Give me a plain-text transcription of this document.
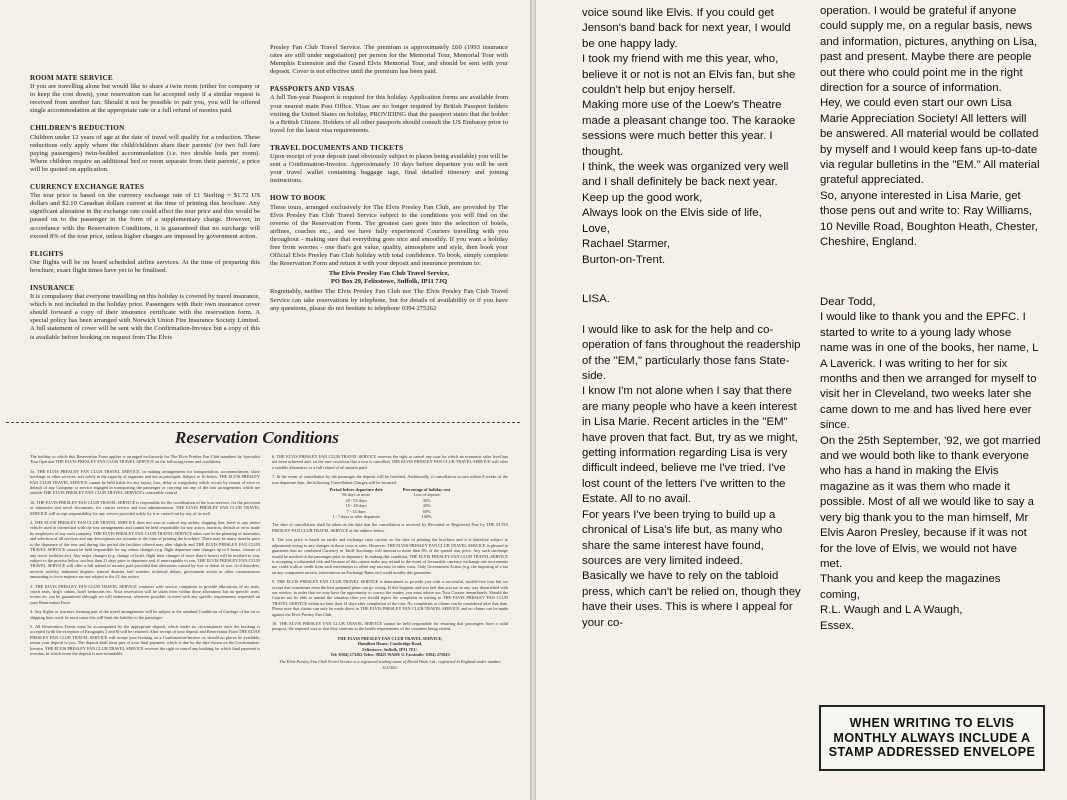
ROOM MATE SERVICE

If you are travelling alone but would like to share a twin room (either for company or to keep the cost down), your reservation can be accepted only if a similar request is received from another fan. Should it not be possible to pair you, you will be offered single accommodation at the appropriate rate or a full refund of monies paid.

CHILDREN'S REDUCTION

Children under 12 years of age at the date of travel will qualify for a reduction. These reductions only apply where the child/children share their parents' (or two full fare paying passengers) twin-bedded accommodation (i.e. two double beds per room). Where children require an additional bed or room separate from their parents', a price will be quoted on application.

CURRENCY EXCHANGE RATES

The tour price is based on the currency exchange rate of £1 Sterling = $1.72 US dollars and $2.10 Canadian dollars current at the time of printing this brochure. Any significant alteration in the exchange rate could affect the tour price and this would be passed on to the passenger in the form of a supplementary charge. However, in accordance with the Reservation Conditions, it is guaranteed that no surcharge will exceed 8% of the tour price, unless higher charges are imposed by government action.

FLIGHTS

Our flights will be on board scheduled airline services. At the time of preparing this brochure, exact flight times have yet to be finalised.

INSURANCE

It is compulsory that everyone travelling on this holiday is covered by travel insurance, which is not included in the holiday price. Passengers with their own insurance cover should forward a copy of their insurance certificate with the reservation form. A special policy has been arranged with Norwich Union Fire Insurance Society Limited. A full statement of cover will be sent with the Confirmation-Invoice but a copy of this is available before booking on request from The Elvis

Presley Fan Club Travel Service. The premium is approximately £60 (1993 insurance rates are still under negotiation) per person for the Memorial Tour, Memorial Tour with Memphis Extension and the Grand Elvis Memorial Tour, and should be sent with your deposit. Cover is not effective until the premium has been paid.

PASSPORTS AND VISAS

A full Ten-year Passport is required for this holiday. Application forms are available from your nearest main Post Office. Visas are no longer required by British Passport holders visiting the United States on holiday, PROVIDING that the passport states that the holder is a British Citizen. Holders of all other passports should consult the US Embassy prior to travel for the latest visa requirements.

TRAVEL DOCUMENTS AND TICKETS

Upon receipt of your deposit (and obviously subject to places being available) you will be sent a Confirmation-Invoice. Approximately 10 days before departure you will be sent your travel wallet containing baggage tags, final detailed itinerary and joining instructions.

HOW TO BOOK

These tours, arranged exclusively for The Elvis Presley Fan Club, are provided by The Elvis Presley Fan Club Travel Service subject to the conditions you will find on the reverse of the Reservation Form. The greatest care goes into the selection of hotels, airlines, coaches etc., and we have fully experienced Couriers travelling with you throughout - making sure that everything goes nice and smoothly. If you want a holiday free from worries - one that's got value, quality, atmosphere and style, then book your Official Elvis Presley Fan Club holiday with total confidence. To book, simply complete the Reservation Form and return it with your deposit and insurance premium to:

The Elvis Presley Fan Club Travel Service,
PO Box 29, Felixstowe, Suffolk, IP11 7JQ

Regrettably, neither The Elvis Presley Fan Club nor The Elvis Presley Fan Club Travel Service can take reservations by telephone, but for details of availability or if you have any questions, please do not hesitate to telephone 0394 275262

Reservation Conditions

The holiday to which this Reservation Form applies is arranged exclusively for The Elvis Presley Fan Club members by Specialist Tour Operator THE ELVIS PRESLEY FAN CLUB TRAVEL SERVICE on the following terms and conditions.

1a. THE ELVIS PRESLEY FAN CLUB TRAVEL SERVICE, in making arrangements for transportation, accommodation, show bookings or other services, acts solely in the capacity of organiser and not as principals. Subject to 1b below, THE ELVIS PRESLEY FAN CLUB TRAVEL SERVICE cannot be held liable for any injury, loss, delay or irregularity which occurs by reason of error or default of any Company or service engaged in transporting the passenger or carrying out any of the tour arrangements which are outside THE ELVIS PRESLEY FAN CLUB TRAVEL SERVICE's reasonable control.

1b. THE ELVIS PRESLEY FAN CLUB TRAVEL SERVICE is responsible for the coordination of the tour services, for the provision of itineraries and travel documents, for courier service and tour administration. THE ELVIS PRESLEY FAN CLUB TRAVEL SERVICE will accept responsibility for any service provided solely by it or carried out by any of its staff.

2. THE ELVIS PRESLEY FAN CLUB TRAVEL SERVICE does not own or control any airline, shipping line, hotel or any motor vehicle used in connection with the tour arrangements and cannot be held responsible for any action, inaction, default or error made by employees of any such company. THE ELVIS PRESLEY FAN CLUB TRAVEL SERVICE takes care in the planning of itineraries and selection of all services and any descriptions are accurate at the time of printing the brochure. There may be many months prior to the departure of the tour and during this period the facilities offered may alter slightly and THE ELVIS PRESLEY FAN CLUB TRAVEL SERVICE cannot be held responsible for any minor changes (e.g. flight departure time changes up to 6 hours, closure of any resort facilities etc). Any major changes (e.g. change of hotel, flight time changes of more than 6 hours) will be notified to you, subject to the proviso below, not less than 21 days prior to departure and, if unacceptable to you, THE ELVIS PRESLEY FAN CLUB TRAVEL SERVICE will offer a full refund of monies paid provided that alterations caused by war or threat of war, civil disorders, terrorist activity, industrial disputes, natural disaster, bad weather, technical delays, government action or other circumstances amounting to force majeure are not subject to the 21 day notice.

3. THE ELVIS PRESLEY FAN CLUB TRAVEL SERVICE contracts with service companies to provide allocations of air seats, coach seats, ship's cabins, hotel bedrooms etc. Your reservation will be taken from within those allocations but no specific seats, rooms etc can be guaranteed although we will endeavour, wherever possible, to meet with any specific requirements requested on your Reservation Form.

4. Any flights or journeys forming part of the travel arrangements will be subject to the standard Conditions of Carriage of the air or shipping lines used. In most cases this will limit the liability to the passenger.

5. All Reservation Forms must be accompanied by the appropriate deposit, which under no circumstances once the booking is accepted (with the exception of Paragraphs 2 and 6) will be returned. After receipt of your deposit and Reservation Form THE ELVIS PRESLEY FAN CLUB TRAVEL SERVICE will accept your booking on a Confirmation-Invoice or, should no places be available, return your deposit to you. The deposit shall form part of your final payment, which is due by the date shown on the Confirmation-Invoice. THE ELVIS PRESLEY FAN CLUB TRAVEL SERVICE reserves the right to cancel any booking for which final payment is overdue, in which event the deposit is non-refundable.

6. THE ELVIS PRESLEY FAN CLUB TRAVEL SERVICE reserves the right to cancel any tour for which an economic sales level has not been achieved and, on the rare occasions that a tour is cancelled, THE ELVIS PRESLEY FAN CLUB TRAVEL SERVICE will offer a suitable alternative or a full refund of all monies paid.

7. In the event of cancellation by the passenger the deposit will be forfeited. Additionally, if cancellation occurs within 8 weeks of the tour departure date, the following Cancellation Charges will be incurred:

Period before departure date	Percentage of holiday cost
56 days or more	Loss of deposit
29 - 55 days	30%
15 - 28 days	45%
7 - 14 days	60%
1 - 7 days or after departure	100%

The date of cancellation shall be taken as the date that the cancellation is received by Recorded or Registered Post by THE ELVIS PRESLEY FAN CLUB TRAVEL SERVICE at the address below.

8. The tour price is based on tariffs and exchange rates current on the date of printing the brochure and it is therefore subject to adjustment owing to any changes in these costs at rates. However, THE ELVIS PRESLEY FAN CLUB TRAVEL SERVICE is pleased to guarantee that no combined Currency or Tariff Surcharge will amount to more than 8% of the quoted tour price. Any such surcharge would be notified to the passenger prior to departure. In making this condition, THE ELVIS PRESLEY FAN CLUB TRAVEL SERVICE is accepting a substantial risk and because of this cannot make any refund in the event of favourable currency exchange rate movements nor could it allow credit from such movements to offset any increase in other costs. Only Government Action (e.g. the imposing of a tax on any component service, intervention on Exchange Rates etc) could modify this guarantee.

9. THE ELVIS PRESLEY FAN CLUB TRAVEL SERVICE is determined to provide you with a successful, trouble-free tour but we accept that sometimes even the best prepared plans can go wrong. If this happens and you feel that you are in any way dissatisfied with our service, in order that we may have the opportunity to correct the matter, you must advise our Tour Courier immediately. Should the Courier not be able to amend the situation then you should report the complaint in writing to THE ELVIS PRESLEY FAN CLUB TRAVEL SERVICE within no later than 14 days after completion of the tour. No complaints or claims can be considered after that date. Please note that claims can only be made direct to THE ELVIS PRESLEY FAN CLUB TRAVEL SERVICE and no claims can be made against the Elvis Presley Fan Club.

10. THE ELVIS PRESLEY FAN CLUB TRAVEL SERVICE cannot be held responsible for ensuring that passengers have a valid passport, the required visa or that they conform to the health requirements of the countries being visited.

THE ELVIS PRESLEY FAN CLUB TRAVEL SERVICE,
Hamilton House, Cambridge Road,
Felixstowe, Suffolk, IP11 7EU.
Tel: 0394) 273262 Telex: 98425 WADE G Facsimile: 0394) 275043
The Elvis Presley Fan Club Travel Service is a registered trading name of David Wade Ltd., registered in England under number 1127463.

voice sound like Elvis. If you could get Jenson's band back for next year, I would be one happy lady.
I took my friend with me this year, who, believe it or not is not an Elvis fan, but she couldn't help but enjoy herself.
Making more use of the Loew's Theatre made a pleasant change too. The karaoke sessions were much better this year. I thought.
I think, the week was organized very well and I shall definitely be back next year.
Keep up the good work,
Always look on the Elvis side of life,
Love,
Rachael Starmer,
Burton-on-Trent.

operation. I would be grateful if anyone could supply me, on a regular basis, news and information, pictures, anything on Lisa, past and present. Maybe there are people out there who could point me in the right direction for a source of information.
Hey, we could even start our own Lisa Marie Appreciation Society! All letters will be answered. All material would be collated by myself and I would keep fans up-to-date via regular bulletins in the "EM." All material grateful appreciated.
So, anyone interested in Lisa Marie, get those pens out and write to: Ray Williams, 10 Neville Road, Boughton Heath, Chester, Cheshire, England.

LISA.

I would like to ask for the help and co-operation of fans throughout the readership of the "EM," particularly those fans State-side.
I know I'm not alone when I say that there are many people who have a keen interest in Lisa Marie. Recent articles in the "EM" have proven that fact. But, try as we might, getting information regarding Lisa is very difficult indeed, believe me I've tried. I've lost count of the letters I've written to the Estate. All to no avail.
For years I've been trying to build up a chronical of Lisa's life but, as many who share the same interest have found, sources are very limited indeed.
Basically we have to rely on the tabloid press, which can't be relied on, though they have their uses. This is where I appeal for your co-

Dear Todd,
I would like to thank you and the EPFC. I started to write to a young lady whose name was in one of the books, her name, L A Laverick. I was writing to her for six months and then we arranged for myself to visit her in Cleveland, two weeks later she came down to me and has lived here ever since.
On the 25th September, '92, we got married and we would both like to thank everyone who has a hand in making the Elvis magazine as it was them who made it possible. Most of all we would like to say a very big thank you to the man himself, Mr Elvis Aaron Presley, because if it was not for the love of Elvis, we would not have met.
Thank you and keep the magazines coming,
R.L. Waugh and L A Waugh,
Essex.

WHEN WRITING TO ELVIS MONTHLY ALWAYS INCLUDE A STAMP ADDRESSED ENVELOPE
